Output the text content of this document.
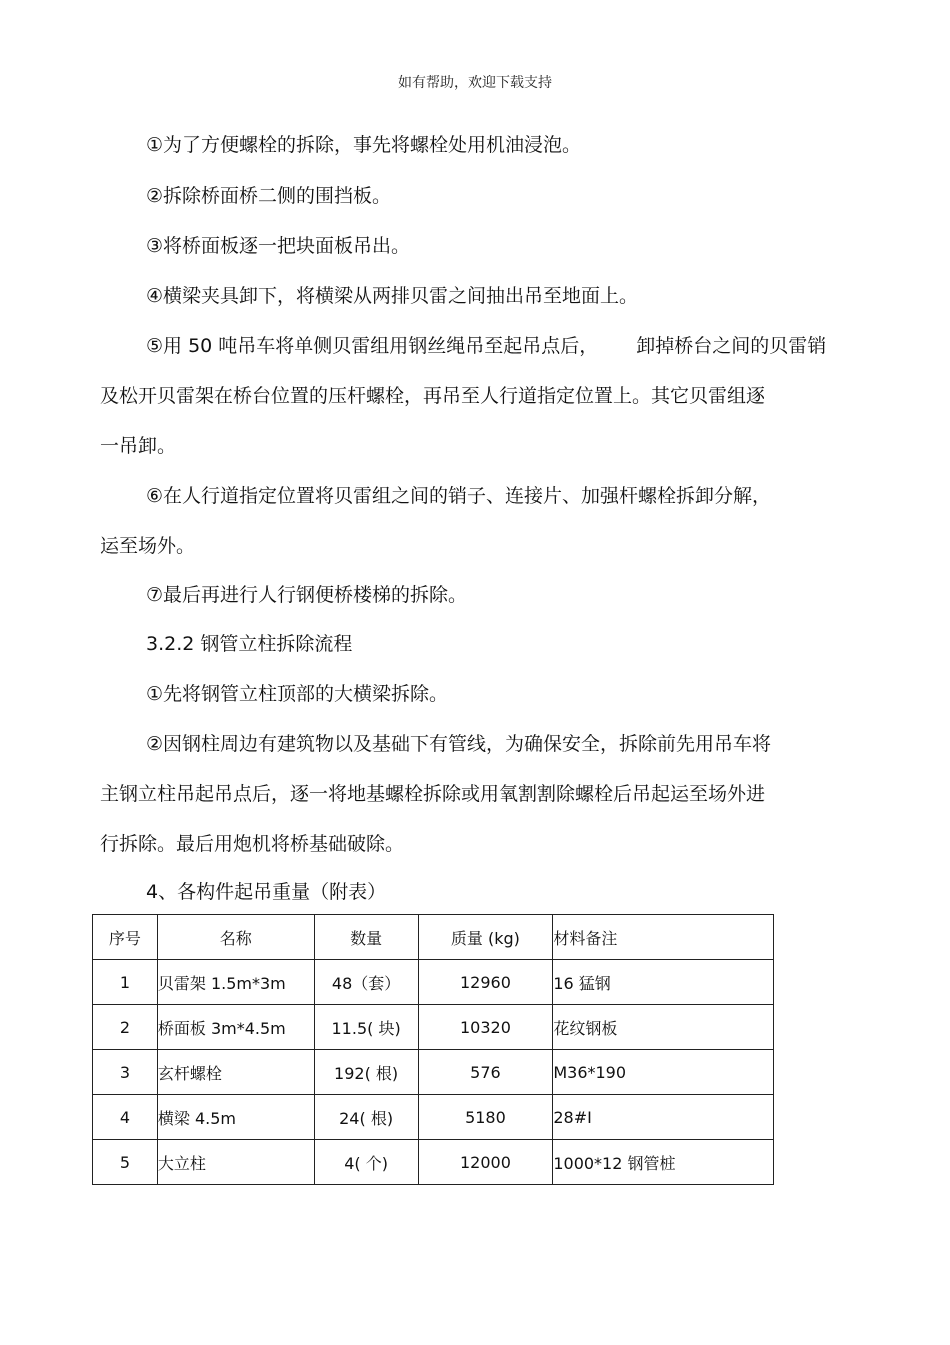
如有帮助，欢迎下载支持
①为了方便螺栓的拆除，事先将螺栓处用机油浸泡。
②拆除桥面桥二侧的围挡板。
③将桥面板逐一把块面板吊出。
④横梁夹具卸下，将横梁从两排贝雷之间抽出吊至地面上。
⑤用 50 吨吊车将单侧贝雷组用钢丝绳吊至起吊点后， 卸掉桥台之间的贝雷销
及松开贝雷架在桥台位置的压杆螺栓，再吊至人行道指定位置上。其它贝雷组逐
一吊卸。
⑥在人行道指定位置将贝雷组之间的销子、连接片、加强杆螺栓拆卸分解，
运至场外。
⑦最后再进行人行钢便桥楼梯的拆除。
3.2.2 钢管立柱拆除流程
①先将钢管立柱顶部的大横梁拆除。
②因钢柱周边有建筑物以及基础下有管线，为确保安全，拆除前先用吊车将
主钢立柱吊起吊点后，逐一将地基螺栓拆除或用氧割割除螺栓后吊起运至场外进
行拆除。最后用炮机将桥基础破除。
4、各构件起吊重量（附表）
序号	名称	数量	质量 (kg)	材料备注
1	贝雷架 1.5m*3m	48（套）	12960	16 猛钢
2	桥面板 3m*4.5m	11.5( 块)	10320	花纹钢板
3	玄杆螺栓	192( 根)	576	M36*190
4	横梁 4.5m	24( 根)	5180	28#Ⅰ
5	大立柱	4( 个)	12000	1000*12 钢管桩
